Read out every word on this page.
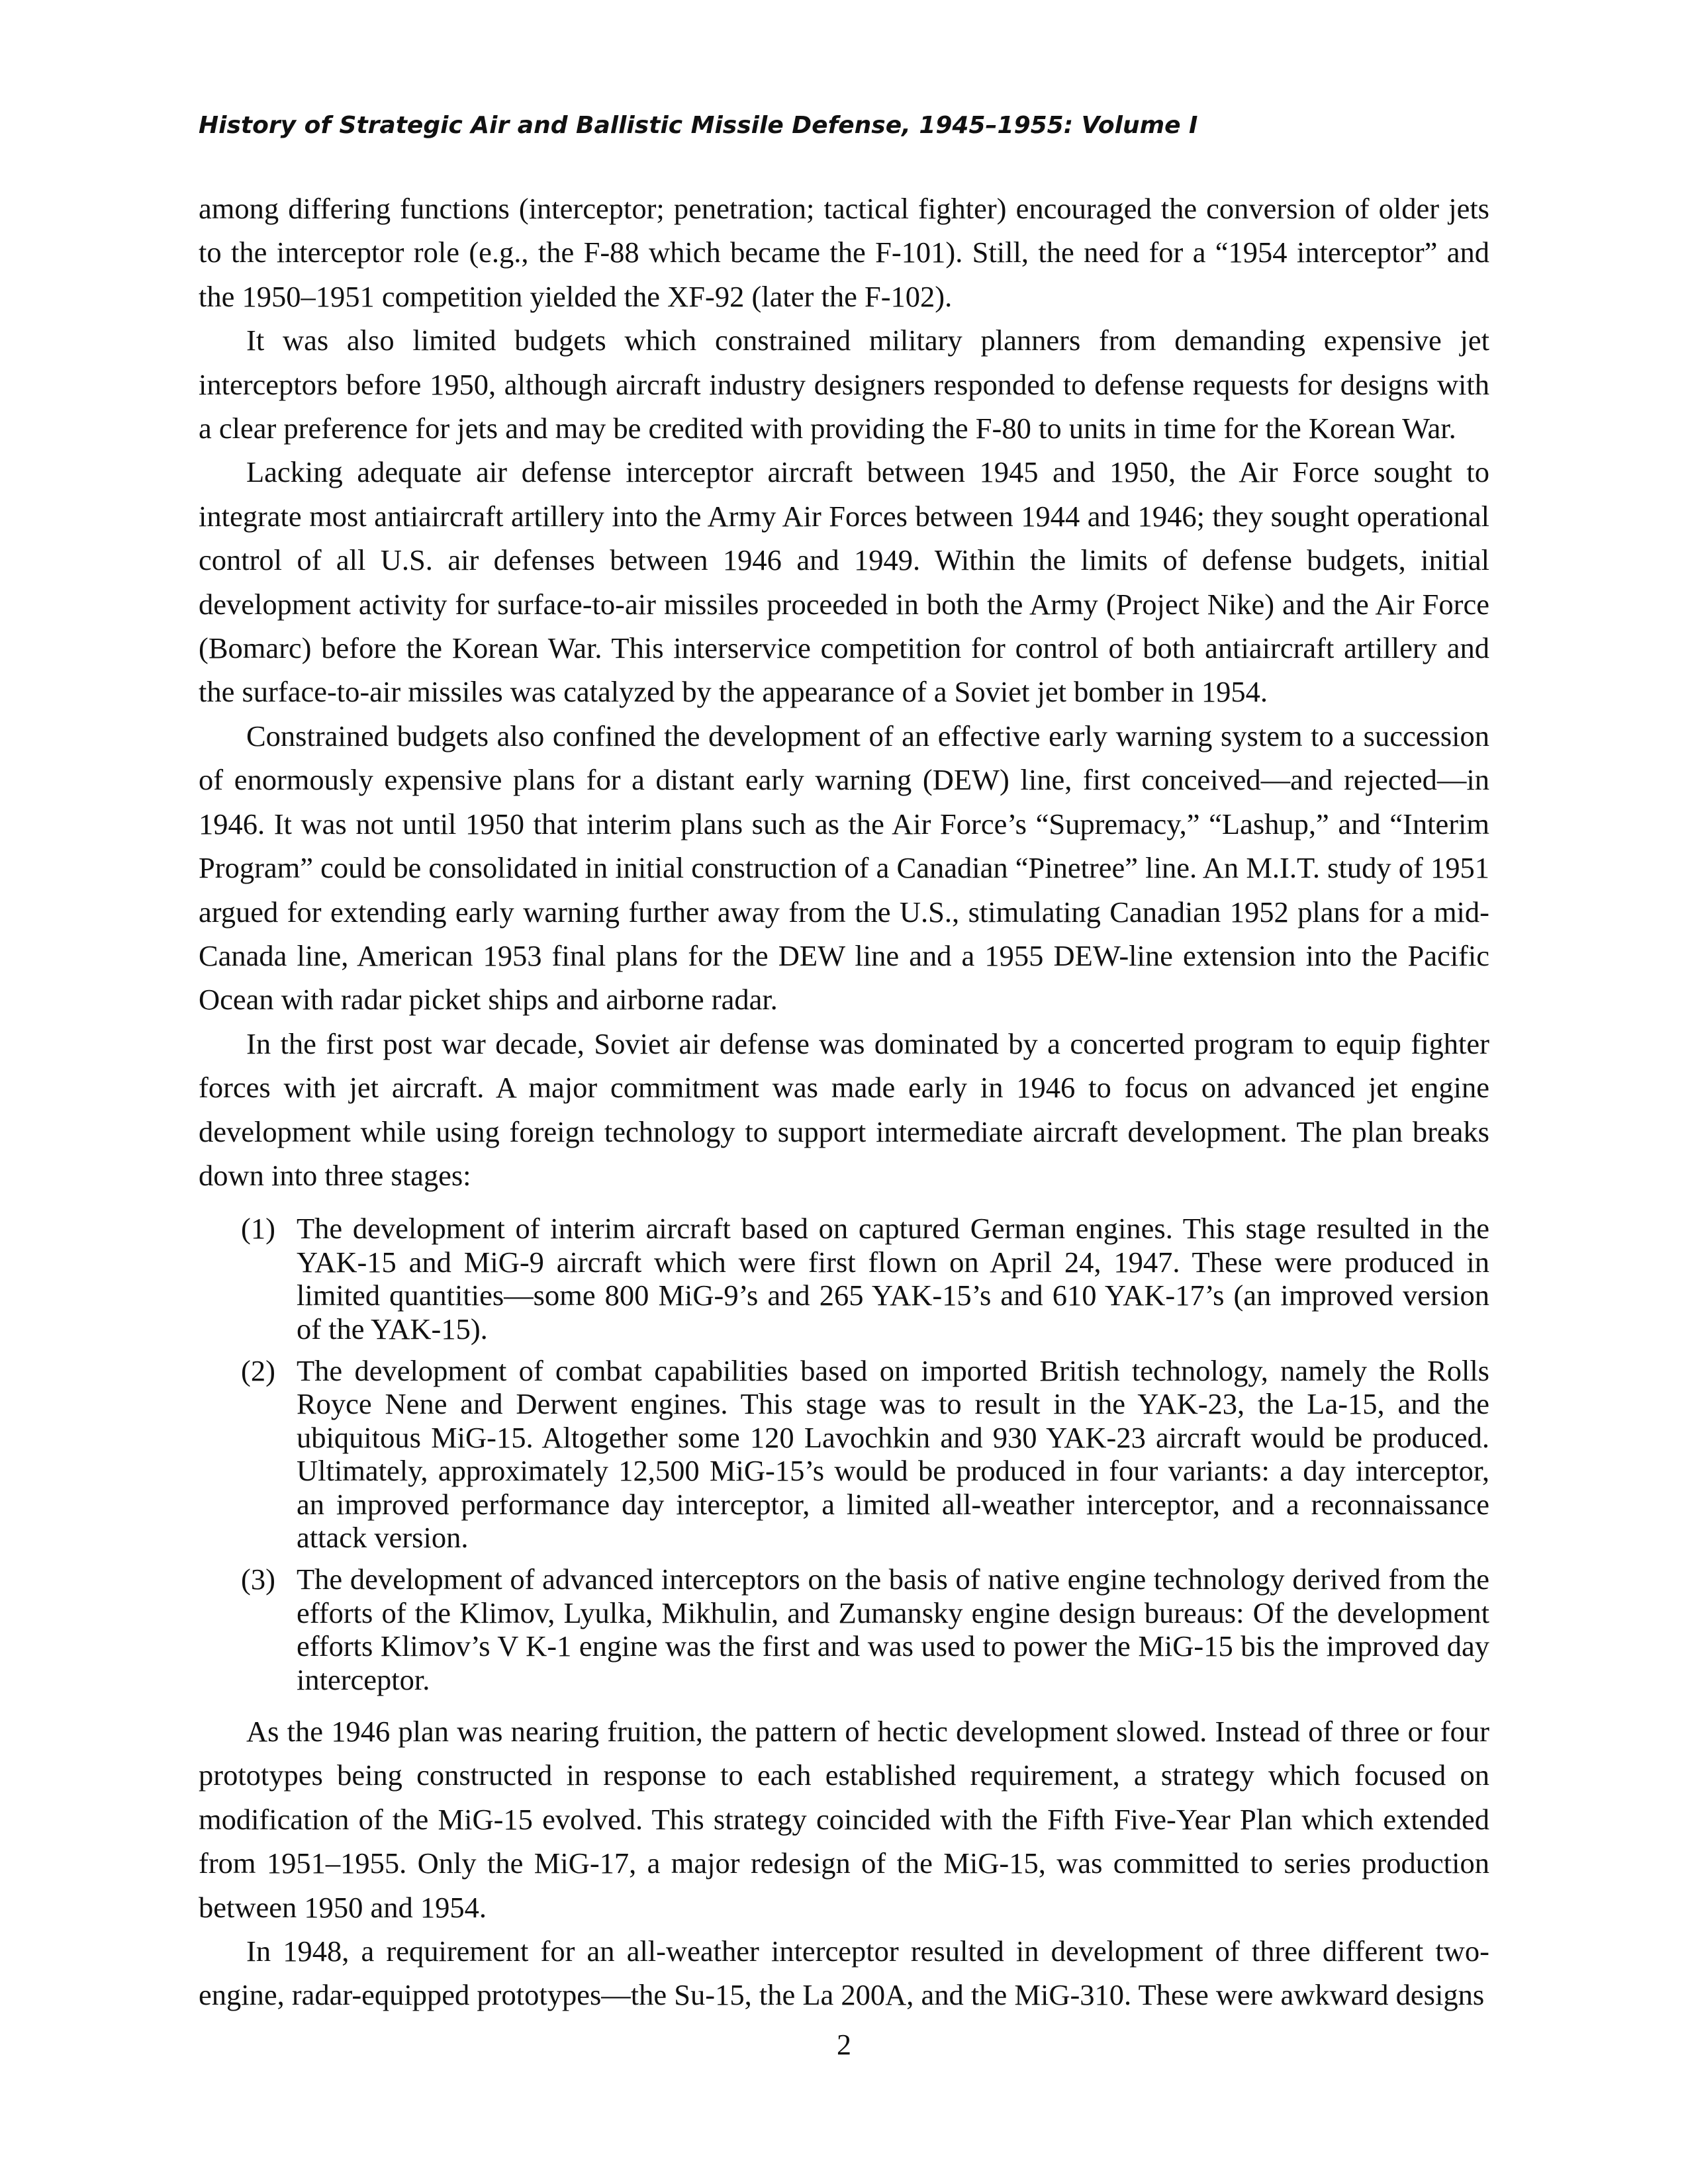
History of Strategic Air and Ballistic Missile Defense, 1945–1955: Volume I

among differing functions (interceptor; penetration; tactical fighter) encouraged the conversion of older jets to the interceptor role (e.g., the F-88 which became the F-101). Still, the need for a “1954 interceptor” and the 1950–1951 competition yielded the XF-92 (later the F-102).

It was also limited budgets which constrained military planners from demanding expensive jet interceptors before 1950, although aircraft industry designers responded to defense requests for designs with a clear preference for jets and may be credited with providing the F-80 to units in time for the Korean War.

Lacking adequate air defense interceptor aircraft between 1945 and 1950, the Air Force sought to integrate most antiaircraft artillery into the Army Air Forces between 1944 and 1946; they sought operational control of all U.S. air defenses between 1946 and 1949. Within the limits of defense budgets, initial development activity for surface-to-air missiles proceeded in both the Army (Project Nike) and the Air Force (Bomarc) before the Korean War. This interservice competition for control of both antiaircraft artillery and the surface-to-air missiles was catalyzed by the appearance of a Soviet jet bomber in 1954.

Constrained budgets also confined the development of an effective early warning system to a succession of enormously expensive plans for a distant early warning (DEW) line, first conceived—and rejected—in 1946. It was not until 1950 that interim plans such as the Air Force’s “Supremacy,” “Lashup,” and “Interim Program” could be consolidated in initial construction of a Canadian “Pinetree” line. An M.I.T. study of 1951 argued for extending early warning further away from the U.S., stimulating Canadian 1952 plans for a mid-Canada line, American 1953 final plans for the DEW line and a 1955 DEW-line extension into the Pacific Ocean with radar picket ships and airborne radar.

In the first post war decade, Soviet air defense was dominated by a concerted program to equip fighter forces with jet aircraft. A major commitment was made early in 1946 to focus on advanced jet engine development while using foreign technology to support intermediate aircraft development. The plan breaks down into three stages:

(1) The development of interim aircraft based on captured German engines. This stage resulted in the YAK-15 and MiG-9 aircraft which were first flown on April 24, 1947. These were produced in limited quantities—some 800 MiG-9’s and 265 YAK-15’s and 610 YAK-17’s (an improved version of the YAK-15).
(2) The development of combat capabilities based on imported British technology, namely the Rolls Royce Nene and Derwent engines. This stage was to result in the YAK-23, the La-15, and the ubiquitous MiG-15. Altogether some 120 Lavochkin and 930 YAK-23 aircraft would be produced. Ultimately, approximately 12,500 MiG-15’s would be produced in four variants: a day interceptor, an improved performance day interceptor, a limited all-weather interceptor, and a reconnaissance attack version.
(3) The development of advanced interceptors on the basis of native engine technology derived from the efforts of the Klimov, Lyulka, Mikhulin, and Zumansky engine design bureaus: Of the development efforts Klimov’s V K-1 engine was the first and was used to power the MiG-15 bis the improved day interceptor.

As the 1946 plan was nearing fruition, the pattern of hectic development slowed. Instead of three or four prototypes being constructed in response to each established requirement, a strategy which focused on modification of the MiG-15 evolved. This strategy coincided with the Fifth Five-Year Plan which extended from 1951–1955. Only the MiG-17, a major redesign of the MiG-15, was committed to series production between 1950 and 1954.

In 1948, a requirement for an all-weather interceptor resulted in development of three different two-engine, radar-equipped prototypes—the Su-15, the La 200A, and the MiG-310. These were awkward designs

2
